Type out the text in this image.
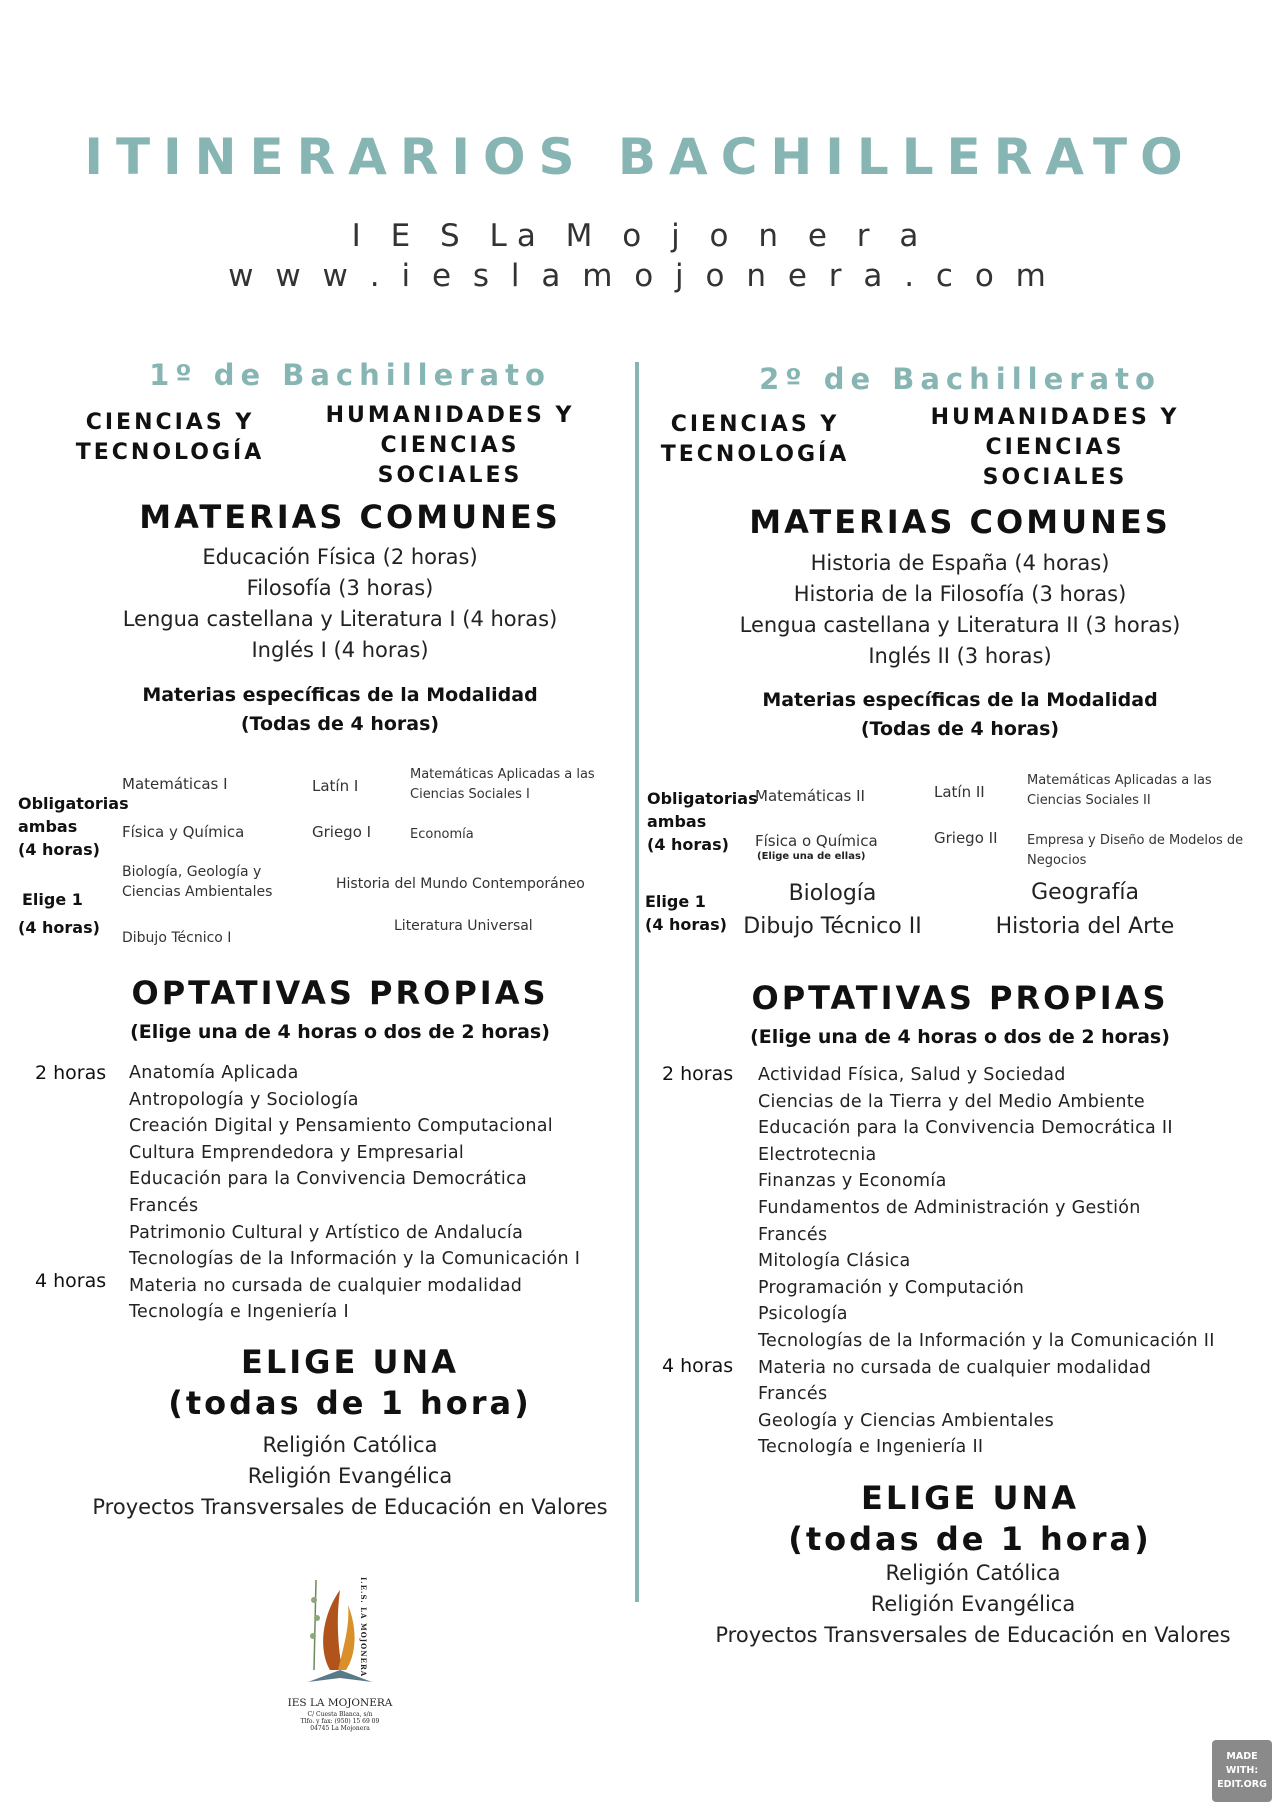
ITINERARIOS BACHILLERATO
I E S La M o j o n e r a
w w w . i e s l a m o j o n e r a . c o m
1º de Bachillerato
CIENCIAS Y
TECNOLOGÍA
HUMANIDADES Y
CIENCIAS
SOCIALES
MATERIAS COMUNES
Educación Física (2 horas)
Filosofía (3 horas)
Lengua castellana y Literatura I (4 horas)
Inglés I (4 horas)
Materias específicas de la Modalidad
(Todas de 4 horas)
Obligatorias
ambas
(4 horas)
Elige 1
(4 horas)
Matemáticas I
Física y Química
Biología, Geología y
Ciencias Ambientales
Dibujo Técnico I
Latín I
Griego I
Matemáticas Aplicadas a las
Ciencias Sociales I
Economía
Historia del Mundo Contemporáneo
Literatura Universal
OPTATIVAS PROPIAS
(Elige una de 4 horas o dos de 2 horas)
2 horas
4 horas
Anatomía Aplicada
Antropología y Sociología
Creación Digital y Pensamiento Computacional
Cultura Emprendedora y Empresarial
Educación para la Convivencia Democrática
Francés
Patrimonio Cultural y Artístico de Andalucía
Tecnologías de la Información y la Comunicación I
Materia no cursada de cualquier modalidad
Tecnología e Ingeniería I
ELIGE UNA
(todas de 1 hora)
Religión Católica
Religión Evangélica
Proyectos Transversales de Educación en Valores
2º de Bachillerato
CIENCIAS Y
TECNOLOGÍA
HUMANIDADES Y
CIENCIAS
SOCIALES
MATERIAS COMUNES
Historia de España (4 horas)
Historia de la Filosofía (3 horas)
Lengua castellana y Literatura II (3 horas)
Inglés II (3 horas)
Materias específicas de la Modalidad
(Todas de 4 horas)
Obligatorias
ambas
(4 horas)
Elige 1
(4 horas)
Matemáticas II
Física o Química
(Elige una de ellas)
Latín II
Griego II
Matemáticas Aplicadas a las
Ciencias Sociales II
Empresa y Diseño de Modelos de
Negocios
Biología
Dibujo Técnico II
Geografía
Historia del Arte
OPTATIVAS PROPIAS
(Elige una de 4 horas o dos de 2 horas)
2 horas
4 horas
Actividad Física, Salud y Sociedad
Ciencias de la Tierra y del Medio Ambiente
Educación para la Convivencia Democrática II
Electrotecnia
Finanzas y Economía
Fundamentos de Administración y Gestión
Francés
Mitología Clásica
Programación y Computación
Psicología
Tecnologías de la Información y la Comunicación II
Materia no cursada de cualquier modalidad
Francés
Geología y Ciencias Ambientales
Tecnología e Ingeniería II
ELIGE UNA
(todas de 1 hora)
Religión Católica
Religión Evangélica
Proyectos Transversales de Educación en Valores
I.E.S. LA MOJONERA
IES LA MOJONERA
C/ Cuesta Blanca, s/n
Tlfo. y fax: (950) 15 69 09
04745 La Mojonera
MADE WITH:
EDIT.ORG
